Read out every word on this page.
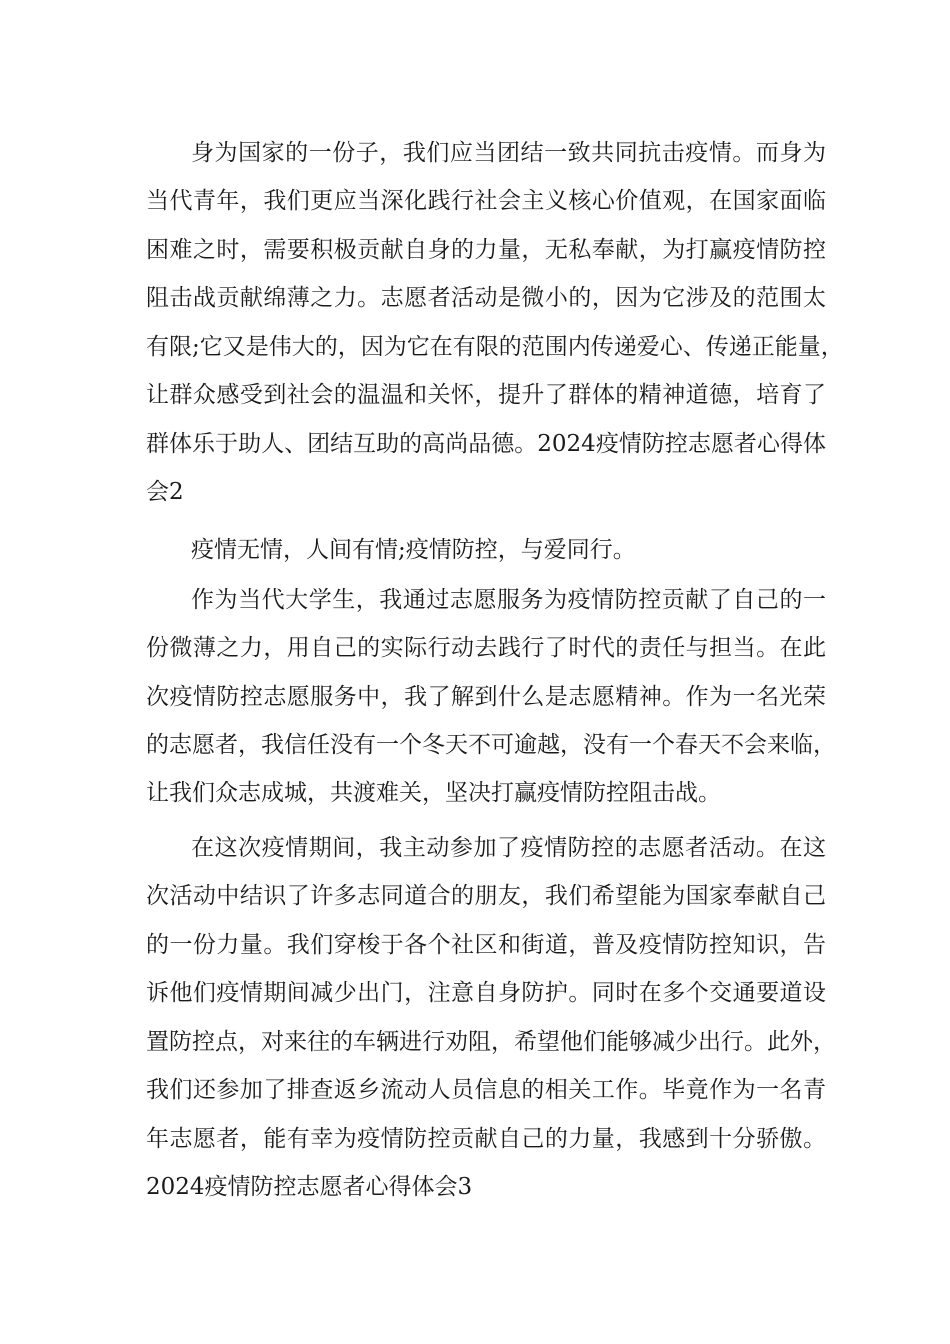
身为国家的一份子，我们应当团结一致共同抗击疫情。而身为
当代青年，我们更应当深化践行社会主义核心价值观，在国家面临
困难之时，需要积极贡献自身的力量，无私奉献，为打赢疫情防控
阻击战贡献绵薄之力。志愿者活动是微小的，因为它涉及的范围太
有限;它又是伟大的，因为它在有限的范围内传递爱心、传递正能量，
让群众感受到社会的温温和关怀，提升了群体的精神道德，培育了
群体乐于助人、团结互助的高尚品德。2024疫情防控志愿者心得体
会2
疫情无情，人间有情;疫情防控，与爱同行。
作为当代大学生，我通过志愿服务为疫情防控贡献了自己的一
份微薄之力，用自己的实际行动去践行了时代的责任与担当。在此
次疫情防控志愿服务中，我了解到什么是志愿精神。作为一名光荣
的志愿者，我信任没有一个冬天不可逾越，没有一个春天不会来临，
让我们众志成城，共渡难关，坚决打赢疫情防控阻击战。
在这次疫情期间，我主动参加了疫情防控的志愿者活动。在这
次活动中结识了许多志同道合的朋友，我们希望能为国家奉献自己
的一份力量。我们穿梭于各个社区和街道，普及疫情防控知识，告
诉他们疫情期间减少出门，注意自身防护。同时在多个交通要道设
置防控点，对来往的车辆进行劝阻，希望他们能够减少出行。此外，
我们还参加了排查返乡流动人员信息的相关工作。毕竟作为一名青
年志愿者，能有幸为疫情防控贡献自己的力量，我感到十分骄傲。
2024疫情防控志愿者心得体会3
